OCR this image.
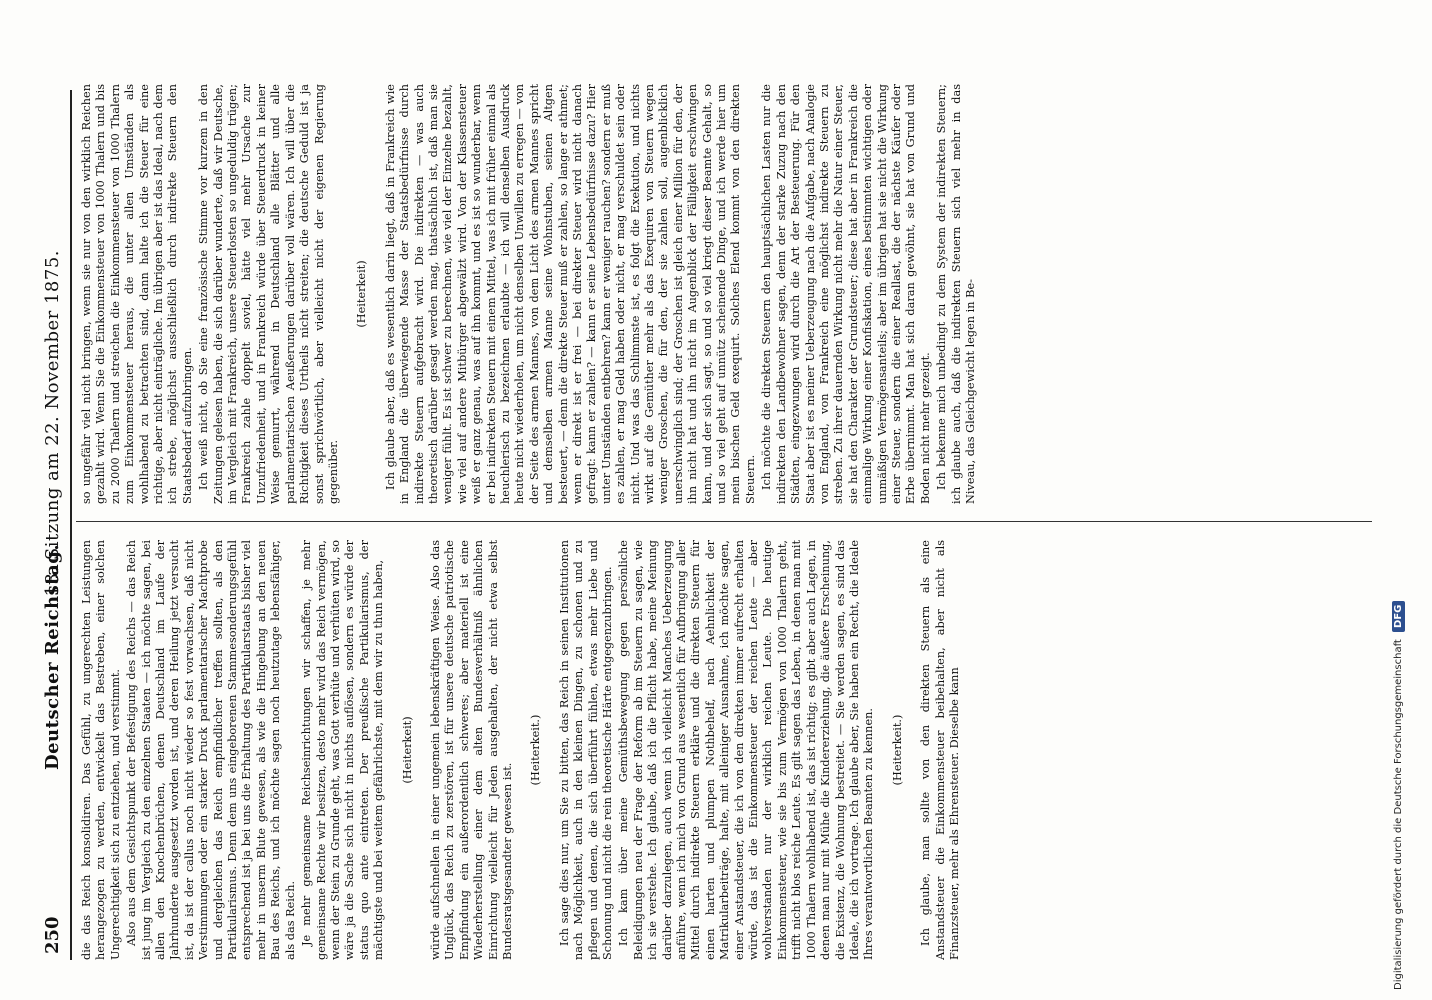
250
Deutscher Reichstag.
13. Sitzung am 22. November 1875.

die das Reich konsolidiren. Das Gefühl, zu ungerechten Leistungen herangezogen zu werden, entwickelt das Bestreben, einer solchen Ungerechtigkeit sich zu entziehen, und verstimmt. Also aus dem Gesichtspunkt der Befestigung des Reichs — das Reich ist jung im Vergleich zu den einzelnen Staaten — ich möchte sagen, bei allen den Knochenbrüchen, denen Deutschland im Laufe der Jahrhunderte ausgesetzt worden ist, und deren Heilung jetzt versucht ist, da ist der callus noch nicht wieder so fest vorwachsen, daß nicht Verstimmungen oder ein starker Druck parlamentarischer Machtprobe und dergleichen das Reich empfindlicher treffen sollten, als den Partikularismus. Denn dem uns eingeborenen Stammesonderungsgefühl entsprechend ist ja bei uns die Erhaltung des Partikularstaats bisher viel mehr in unserm Blute gewesen, als wie die Hingebung an den neuen Bau des Reichs, und ich möchte sagen noch heutzutage lebensfähiger, als das Reich. Je mehr gemeinsame Reichseinrichtungen wir schaffen, je mehr gemeinsame Rechte wir besitzen, desto mehr wird das Reich vermögen, wenn der Stein zu Grunde geht, was Gott verhüte und verhüten wird, so wäre ja die Sache sich nicht in nichts auflösen, sondern es würde der status quo ante eintreten. Der preußische Partikularismus, der mächtigste und bei weitem gefährlichste, mit dem wir zu thun haben, (Heiterkeit) würde aufschnellen in einer ungemein lebenskräftigen Weise. Also das Unglück, das Reich zu zerstören, ist für unsere deutsche patriotische Empfindung ein außerordentlich schweres; aber materiell ist eine Wiederherstellung einer dem alten Bundesverhältniß ähnlichen Einrichtung vielleicht für Jeden ausgehalten, der nicht etwa selbst Bundesratsgesandter gewesen ist.

(Heiterkeit.) Ich sage dies nur, um Sie zu bitten, das Reich in seinen Institutionen nach Möglichkeit, auch in den kleinen Dingen, zu schonen und zu pflegen und denen, die sich überführt fühlen, etwas mehr Liebe und Schonung und nicht die rein theoretische Härte entgegenzubringen. Ich kam über meine Gemüthsbewegung gegen persönliche Beleidigungen neu der Frage der Reform ab im Steuern zu sagen, wie ich sie verstehe. Ich glaube, daß ich die Pflicht habe, meine Meinung darüber darzulegen, auch wenn ich vielleicht Manches Ueberzeugung anführe, wenn ich mich von Grund aus wesentlich für Aufbringung aller Mittel durch indirekte Steuern erkläre und die direkten Steuern für einen harten und plumpen Nothbehelf, nach Aehnlichkeit der Matrikularbeiträge, halte, mit alleiniger Ausnahme, ich möchte sagen, einer Anstandsteuer, die ich von den direkten immer aufrecht erhalten würde, das ist die Einkommensteuer der reichen Leute — aber wohlverstanden nur der wirklich reichen Leute. Die heutige Einkommensteuer, wie sie bis zum Vermögen von 1000 Thalern geht, trifft nicht blos reiche Leute. Es gilt sagen das Leben, in denen man mit 1000 Thalern wohlhabend ist, das ist richtig; es gibt aber auch Lagen, in denen man nur mit Mühe die Kindererziehung, die äußere Erscheinung, die Existenz, die Wohnung bestreitet. — Sie werden sagen, es sind das Ideale, die ich vortrage. Ich glaube aber, Sie haben ein Recht, die Ideale Ihres verantwortlichen Beamten zu kennen. (Heiterkeit.) Ich glaube, man sollte von den direkten Steuern als eine Anstandsteuer die Einkommensteuer beibehalten, aber nicht als Finanzsteuer, mehr als Ehrensteuer. Dieselbe kann

so ungefähr viel nicht bringen, wenn sie nur von den wirklich Reichen gezahlt wird. Wenn Sie die Einkommensteuer von 1000 Thalern und bis zu 2000 Thalern und streichen die Einkommensteuer von 1000 Thalern zum Einkommensteuer heraus, die unter allen Umständen als wohlhabend zu betrachten sind, dann halte ich die Steuer für eine richtige, aber nicht einträgliche. Im übrigen aber ist das Ideal, nach dem ich strebe, möglichst ausschließlich durch indirekte Steuern den Staatsbedarf aufzubringen. Ich weiß nicht, ob Sie eine französische Stimme vor kurzem in den Zeitungen gelesen haben, die sich darüber wunderte, daß wir Deutsche, im Vergleich mit Frankreich, unsere Steuerlosten so ungeduldig trügen; Frankreich zahle doppelt soviel, hätte viel mehr Ursache zur Unzufriedenheit, und in Frankreich würde über Steuerdruck in keiner Weise gemurrt, während in Deutschland alle Blätter und alle parlamentarischen Aeußerungen darüber voll wären. Ich will über die Richtigkeit dieses Urtheils nicht streiten; die deutsche Geduld ist ja sonst sprichwörtlich, aber vielleicht nicht der eigenen Regierung gegenüber.

(Heiterkeit) Ich glaube aber, daß es wesentlich darin liegt, daß in Frankreich wie in England die überwiegende Masse der Staatsbedürfnisse durch indirekte Steuern aufgebracht wird. Die indirekten — was auch theoretisch darüber gesagt werden mag, thatsächlich ist, daß man sie weniger fühlt. Es ist schwer zu berechnen, wie viel der Einzelne bezahlt, wie viel auf andere Mitbürger abgewälzt wird. Von der Klassensteuer weiß er ganz genau, was auf ihn kommt, und es ist so wunderbar, wenn er bei indirekten Steuern mit einem Mittel, was ich mit früher einmal als heuchlerisch zu bezeichnen erlaubte — ich will denselben Ausdruck heute nicht wiederholen, um nicht denselben Unwillen zu erregen — von der Seite des armen Mannes, von dem Licht des armen Mannes spricht und demselben armen Manne seine Wohnstuben, seinen Altgen besteuert, — denn die direkte Steuer muß er zahlen, so lange er athmet; wenn er direkt ist er frei — bei direkter Steuer wird nicht danach gefragt: kann er zahlen? — kann er seine Lebensbedürfnisse dazu? Hier unter Umständen entbehren? kann er weniger rauchen? sondern er muß es zahlen, er mag Geld haben oder nicht, er mag verschuldet sein oder nicht. Und was das Schlimmste ist, es folgt die Exekution, und nichts wirkt auf die Gemüther mehr als das Exequiren von Steuern wegen weniger Groschen, die für den, der sie zahlen soll, augenblicklich unerschwinglich sind; der Groschen ist gleich einer Million für den, der ihn nicht hat und ihn nicht im Augenblick der Fälligkeit erschwingen kann, und der sich sagt, so und so viel kriegt dieser Beamte Gehalt, so und so viel geht auf unnütz scheinende Dinge, und ich werde hier um mein bischen Geld exequirt. Solches Elend kommt von den direkten Steuern. Ich möchte die direkten Steuern den hauptsächlichen Lasten nur die indirekten den Landbewohner sagen, denn der starke Zuzug nach den Städten, eingezwungen wird durch die Art der Besteuerung. Für den Staat aber ist es meiner Ueberzeugung nach die Aufgabe, nach Analogie von England, von Frankreich eine möglichst indirekte Steuern zu streben. Zu ihrer dauernden Wirkung nicht mehr die Natur einer Steuer, sie hat den Charakter der Grundsteuer; diese hat aber in Frankreich die einmalige Wirkung einer Konfiskation, eines bestimmten wichtigen oder unmäßigen Vermögensanteils; aber im übrigen hat sie nicht die Wirkung einer Steuer, sondern die einer Reallast, die der nächste Käufer oder Erbe übernimmt. Man hat sich daran gewöhnt, sie hat von Grund und Boden nicht mehr gezeigt. Ich bekenne mich unbedingt zu dem System der indirekten Steuern; ich glaube auch, daß die indirekten Steuern sich viel mehr in das Niveau, das Gleichgewicht legen in Be-

Digitalisierung gefördert durch die Deutsche Forschungsgemeinschaft DFG
